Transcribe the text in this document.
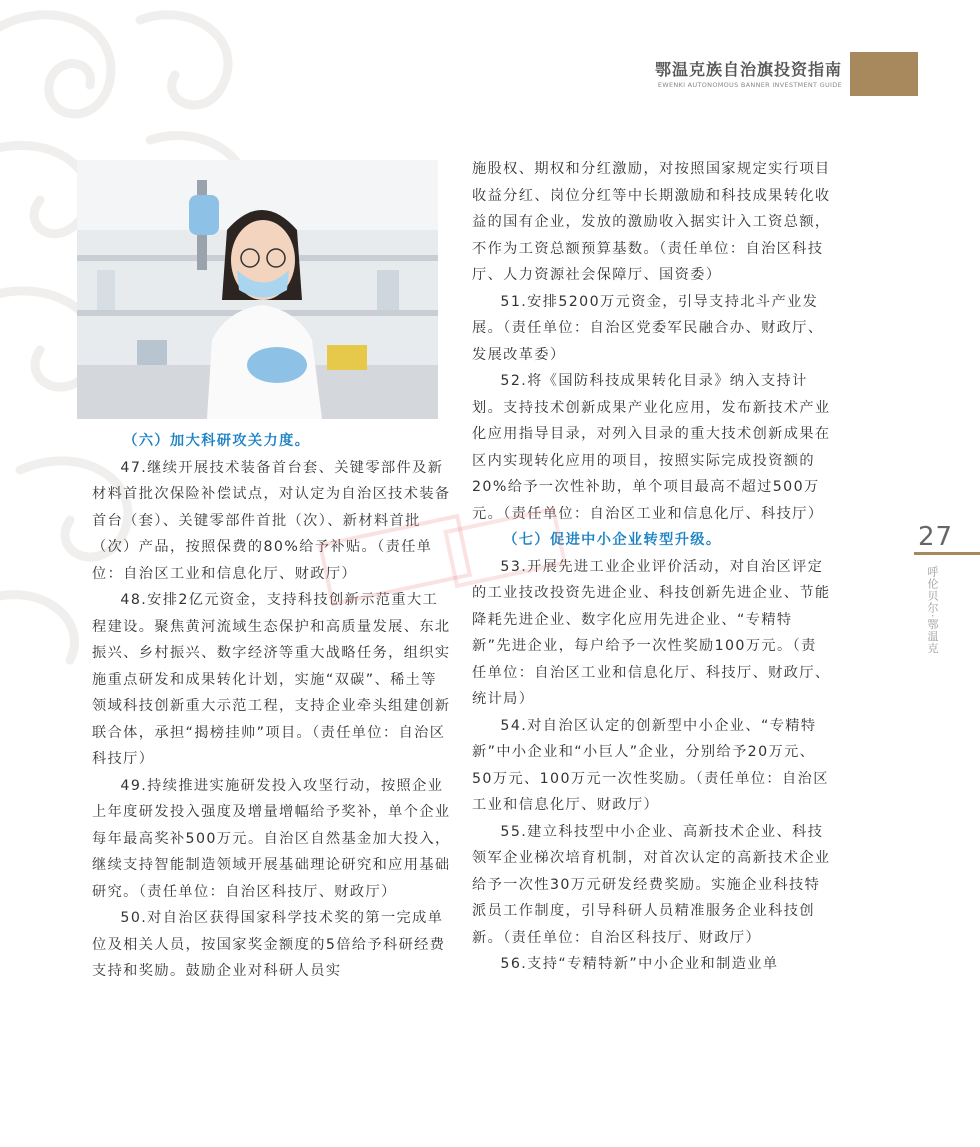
鄂温克族自治旗投资指南
EWENKI AUTONOMOUS BANNER INVESTMENT GUIDE

（六）加大科研攻关力度。

47.继续开展技术装备首台套、关键零部件及新材料首批次保险补偿试点，对认定为自治区技术装备首台（套）、关键零部件首批（次）、新材料首批（次）产品，按照保费的80%给予补贴。（责任单位：自治区工业和信息化厅、财政厅）

48.安排2亿元资金，支持科技创新示范重大工程建设。聚焦黄河流域生态保护和高质量发展、东北振兴、乡村振兴、数字经济等重大战略任务，组织实施重点研发和成果转化计划，实施“双碳”、稀土等领域科技创新重大示范工程，支持企业牵头组建创新联合体，承担“揭榜挂帅”项目。（责任单位：自治区科技厅）

49.持续推进实施研发投入攻坚行动，按照企业上年度研发投入强度及增量增幅给予奖补，单个企业每年最高奖补500万元。自治区自然基金加大投入，继续支持智能制造领域开展基础理论研究和应用基础研究。（责任单位：自治区科技厅、财政厅）

50.对自治区获得国家科学技术奖的第一完成单位及相关人员，按国家奖金额度的5倍给予科研经费支持和奖励。鼓励企业对科研人员实

施股权、期权和分红激励，对按照国家规定实行项目收益分红、岗位分红等中长期激励和科技成果转化收益的国有企业，发放的激励收入据实计入工资总额，不作为工资总额预算基数。（责任单位：自治区科技厅、人力资源社会保障厅、国资委）

51.安排5200万元资金，引导支持北斗产业发展。（责任单位：自治区党委军民融合办、财政厅、发展改革委）

52.将《国防科技成果转化目录》纳入支持计划。支持技术创新成果产业化应用，发布新技术产业化应用指导目录，对列入目录的重大技术创新成果在区内实现转化应用的项目，按照实际完成投资额的20%给予一次性补助，单个项目最高不超过500万元。（责任单位：自治区工业和信息化厅、科技厅）

（七）促进中小企业转型升级。

53.开展先进工业企业评价活动，对自治区评定的工业技改投资先进企业、科技创新先进企业、节能降耗先进企业、数字化应用先进企业、“专精特新”先进企业，每户给予一次性奖励100万元。（责任单位：自治区工业和信息化厅、科技厅、财政厅、统计局）

54.对自治区认定的创新型中小企业、“专精特新”中小企业和“小巨人”企业，分别给予20万元、50万元、100万元一次性奖励。（责任单位：自治区工业和信息化厅、财政厅）

55.建立科技型中小企业、高新技术企业、科技领军企业梯次培育机制，对首次认定的高新技术企业给予一次性30万元研发经费奖励。实施企业科技特派员工作制度，引导科研人员精准服务企业科技创新。（责任单位：自治区科技厅、财政厅）

56.支持“专精特新”中小企业和制造业单

27
呼伦贝尔·鄂温克
